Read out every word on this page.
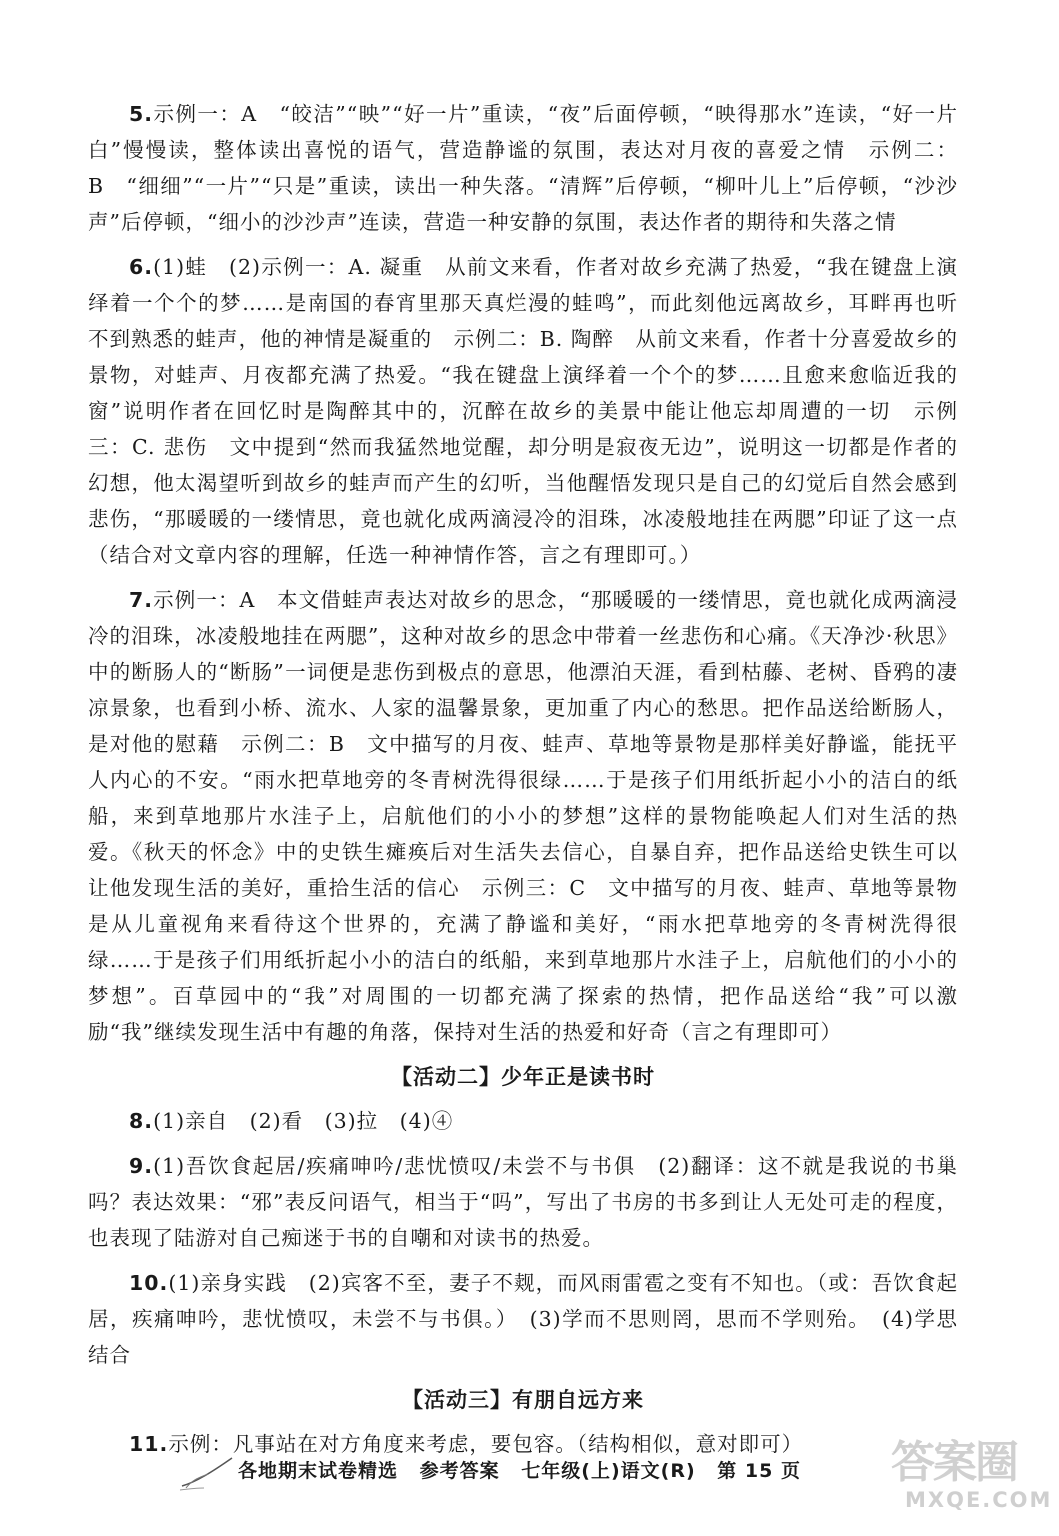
5.示例一：A　“皎洁”“映”“好一片”重读，“夜”后面停顿，“映得那水”连读，“好一片白”慢慢读，整体读出喜悦的语气，营造静谧的氛围，表达对月夜的喜爱之情　示例二：B　“细细”“一片”“只是”重读，读出一种失落。“清辉”后停顿，“柳叶儿上”后停顿，“沙沙声”后停顿，“细小的沙沙声”连读，营造一种安静的氛围，表达作者的期待和失落之情

6.(1)蛙　(2)示例一：A. 凝重　从前文来看，作者对故乡充满了热爱，“我在键盘上演绎着一个个的梦……是南国的春宵里那天真烂漫的蛙鸣”，而此刻他远离故乡，耳畔再也听不到熟悉的蛙声，他的神情是凝重的　示例二：B. 陶醉　从前文来看，作者十分喜爱故乡的景物，对蛙声、月夜都充满了热爱。“我在键盘上演绎着一个个的梦……且愈来愈临近我的窗”说明作者在回忆时是陶醉其中的，沉醉在故乡的美景中能让他忘却周遭的一切　示例三：C. 悲伤　文中提到“然而我猛然地觉醒，却分明是寂夜无边”，说明这一切都是作者的幻想，他太渴望听到故乡的蛙声而产生的幻听，当他醒悟发现只是自己的幻觉后自然会感到悲伤，“那暖暖的一缕情思，竟也就化成两滴浸冷的泪珠，冰凌般地挂在两腮”印证了这一点（结合对文章内容的理解，任选一种神情作答，言之有理即可。）

7.示例一：A　本文借蛙声表达对故乡的思念，“那暖暖的一缕情思，竟也就化成两滴浸冷的泪珠，冰凌般地挂在两腮”，这种对故乡的思念中带着一丝悲伤和心痛。《天净沙·秋思》中的断肠人的“断肠”一词便是悲伤到极点的意思，他漂泊天涯，看到枯藤、老树、昏鸦的凄凉景象，也看到小桥、流水、人家的温馨景象，更加重了内心的愁思。把作品送给断肠人，是对他的慰藉　示例二：B　文中描写的月夜、蛙声、草地等景物是那样美好静谧，能抚平人内心的不安。“雨水把草地旁的冬青树洗得很绿……于是孩子们用纸折起小小的洁白的纸船，来到草地那片水洼子上，启航他们的小小的梦想”这样的景物能唤起人们对生活的热爱。《秋天的怀念》中的史铁生瘫痪后对生活失去信心，自暴自弃，把作品送给史铁生可以让他发现生活的美好，重拾生活的信心　示例三：C　文中描写的月夜、蛙声、草地等景物是从儿童视角来看待这个世界的，充满了静谧和美好，“雨水把草地旁的冬青树洗得很绿……于是孩子们用纸折起小小的洁白的纸船，来到草地那片水洼子上，启航他们的小小的梦想”。百草园中的“我”对周围的一切都充满了探索的热情，把作品送给“我”可以激励“我”继续发现生活中有趣的角落，保持对生活的热爱和好奇（言之有理即可）

【活动二】少年正是读书时

8.(1)亲自　(2)看　(3)拉　(4)④

9.(1)吾饮食起居/疾痛呻吟/悲忧愤叹/未尝不与书俱　(2)翻译：这不就是我说的书巢吗？表达效果：“邪”表反问语气，相当于“吗”，写出了书房的书多到让人无处可走的程度，也表现了陆游对自己痴迷于书的自嘲和对读书的热爱。

10.(1)亲身实践　(2)宾客不至，妻子不觌，而风雨雷雹之变有不知也。（或：吾饮食起居，疾痛呻吟，悲忧愤叹，未尝不与书俱。）　(3)学而不思则罔，思而不学则殆。　(4)学思结合

【活动三】有朋自远方来

11.示例：凡事站在对方角度来考虑，要包容。（结构相似，意对即可）

各地期末试卷精选 参考答案 七年级(上)语文(R) 第 15 页	答案圈
MXQE.COM
